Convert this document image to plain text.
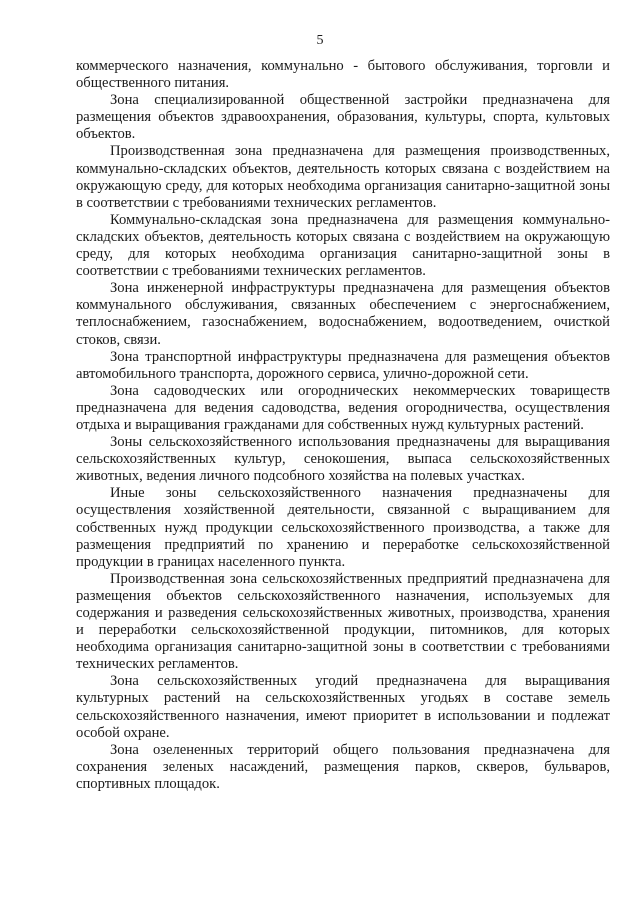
5

коммерческого назначения, коммунально - бытового обслуживания, торговли и общественного питания.

Зона специализированной общественной застройки предназначена для размещения объектов здравоохранения, образования, культуры, спорта, культовых объектов.

Производственная зона предназначена для размещения производственных, коммунально-складских объектов, деятельность которых связана с воздействием на окружающую среду, для которых необходима организация санитарно-защитной зоны в соответствии с требованиями технических регламентов.

Коммунально-складская зона предназначена для размещения коммунально-складских объектов, деятельность которых связана с воздействием на окружающую среду, для которых необходима организация санитарно-защитной зоны в соответствии с требованиями технических регламентов.

Зона инженерной инфраструктуры предназначена для размещения объектов коммунального обслуживания, связанных обеспечением с энергоснабжением, теплоснабжением, газоснабжением, водоснабжением, водоотведением, очисткой стоков, связи.

Зона транспортной инфраструктуры предназначена для размещения объектов автомобильного транспорта, дорожного сервиса, улично-дорожной сети.

Зона садоводческих или огороднических некоммерческих товариществ предназначена для ведения садоводства, ведения огородничества, осуществления отдыха и выращивания гражданами для собственных нужд культурных растений.

Зоны сельскохозяйственного использования предназначены для выращивания сельскохозяйственных культур, сенокошения, выпаса сельскохозяйственных животных, ведения личного подсобного хозяйства на полевых участках.

Иные зоны сельскохозяйственного назначения предназначены для осуществления хозяйственной деятельности, связанной с выращиванием для собственных нужд продукции сельскохозяйственного производства, а также для размещения предприятий по хранению и переработке сельскохозяйственной продукции в границах населенного пункта.

Производственная зона сельскохозяйственных предприятий предназначена для размещения объектов сельскохозяйственного назначения, используемых для содержания и разведения сельскохозяйственных животных, производства, хранения и переработки сельскохозяйственной продукции, питомников, для которых необходима организация санитарно-защитной зоны в соответствии с требованиями технических регламентов.

Зона сельскохозяйственных угодий предназначена для выращивания культурных растений на сельскохозяйственных угодьях в составе земель сельскохозяйственного назначения, имеют приоритет в использовании и подлежат особой охране.

Зона озелененных территорий общего пользования предназначена для сохранения зеленых насаждений, размещения парков, скверов, бульваров, спортивных площадок.
